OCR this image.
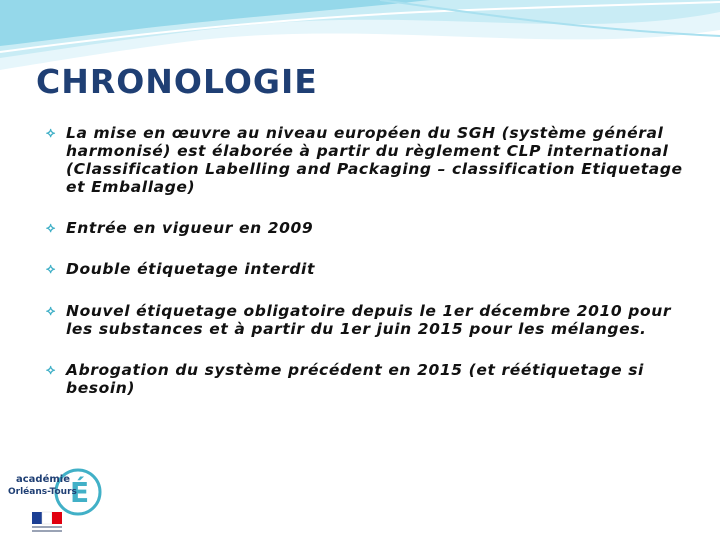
CHRONOLOGIE
⟡ La mise en œuvre au niveau européen du SGH (système général harmonisé) est élaborée à partir du règlement CLP international (Classification Labelling and Packaging – classification Etiquetage et Emballage)
⟡ Entrée en vigueur en 2009
⟡ Double étiquetage interdit
⟡ Nouvel étiquetage obligatoire depuis le 1er décembre 2010 pour les substances et à partir du 1er juin 2015 pour les mélanges.
⟡ Abrogation du système précédent en 2015 (et réétiquetage si besoin)
É
académie
Orléans-Tours
